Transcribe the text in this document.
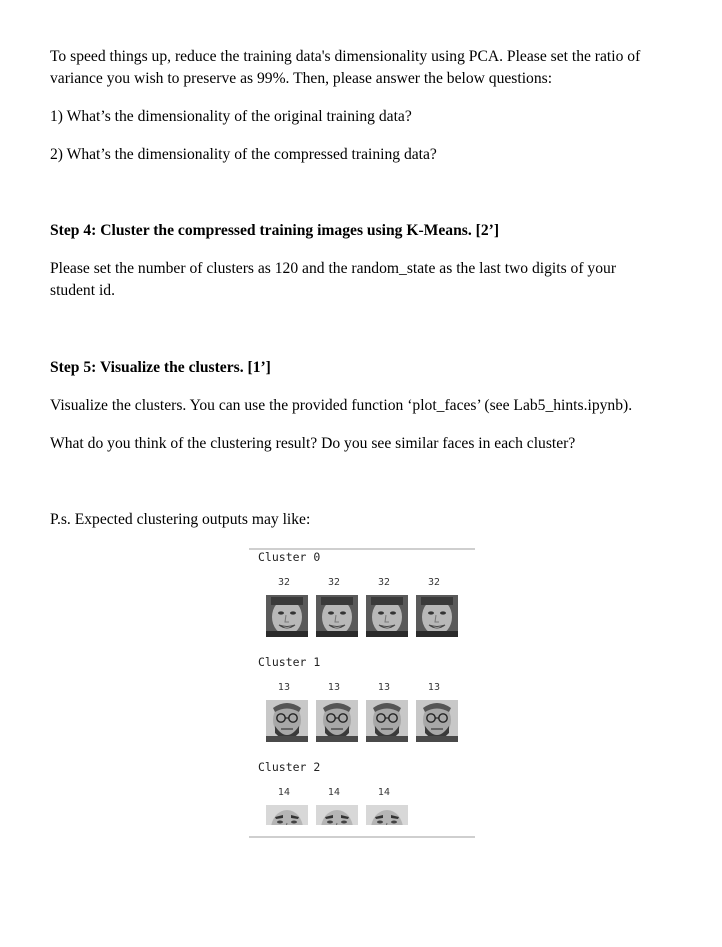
To speed things up, reduce the training data's dimensionality using PCA. Please set the ratio of
variance you wish to preserve as 99%. Then, please answer the below questions:

1) What’s the dimensionality of the original training data?

2) What’s the dimensionality of the compressed training data?

Step 4: Cluster the compressed training images using K-Means. [2’]

Please set the number of clusters as 120 and the random_state as the last two digits of your
student id.

Step 5: Visualize the clusters. [1’]

Visualize the clusters. You can use the provided function ‘plot_faces’ (see Lab5_hints.ipynb).

What do you think of the clustering result? Do you see similar faces in each cluster?

P.s. Expected clustering outputs may like:

Cluster 0
32	32	32	32
Cluster 1
13	13	13	13
Cluster 2
14	14	14
